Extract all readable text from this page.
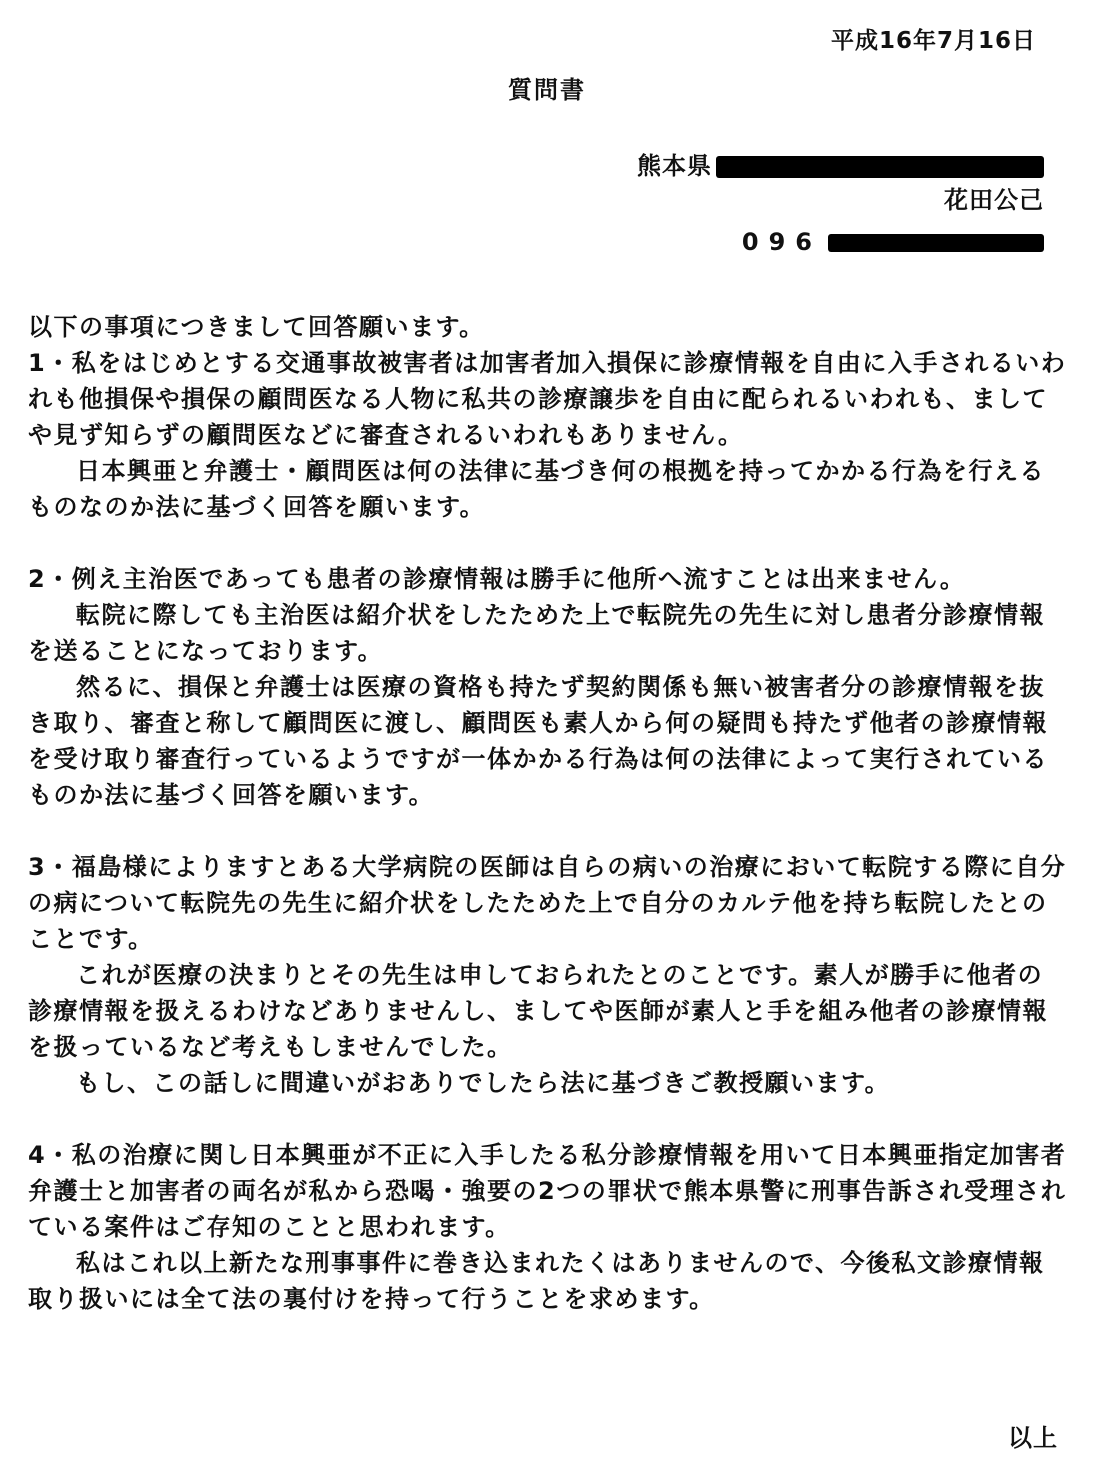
平成16年7月16日
質問書
熊本県
花田公己
096

以下の事項につきまして回答願います。

1・私をはじめとする交通事故被害者は加害者加入損保に診療情報を自由に入手されるいわれも他損保や損保の顧問医なる人物に私共の診療譲歩を自由に配られるいわれも、ましてや見ず知らずの顧問医などに審査されるいわれもありません。

日本興亜と弁護士・顧問医は何の法律に基づき何の根拠を持ってかかる行為を行えるものなのか法に基づく回答を願います。

2・例え主治医であっても患者の診療情報は勝手に他所へ流すことは出来ません。

転院に際しても主治医は紹介状をしたためた上で転院先の先生に対し患者分診療情報を送ることになっております。

然るに、損保と弁護士は医療の資格も持たず契約関係も無い被害者分の診療情報を抜き取り、審査と称して顧問医に渡し、顧問医も素人から何の疑問も持たず他者の診療情報を受け取り審査行っているようですが一体かかる行為は何の法律によって実行されているものか法に基づく回答を願います。

3・福島様によりますとある大学病院の医師は自らの病いの治療において転院する際に自分の病について転院先の先生に紹介状をしたためた上で自分のカルテ他を持ち転院したとのことです。

これが医療の決まりとその先生は申しておられたとのことです。素人が勝手に他者の診療情報を扱えるわけなどありませんし、ましてや医師が素人と手を組み他者の診療情報を扱っているなど考えもしませんでした。

もし、この話しに間違いがおありでしたら法に基づきご教授願います。

4・私の治療に関し日本興亜が不正に入手したる私分診療情報を用いて日本興亜指定加害者弁護士と加害者の両名が私から恐喝・強要の2つの罪状で熊本県警に刑事告訴され受理されている案件はご存知のことと思われます。

私はこれ以上新たな刑事事件に巻き込まれたくはありませんので、今後私文診療情報取り扱いには全て法の裏付けを持って行うことを求めます。

以上
